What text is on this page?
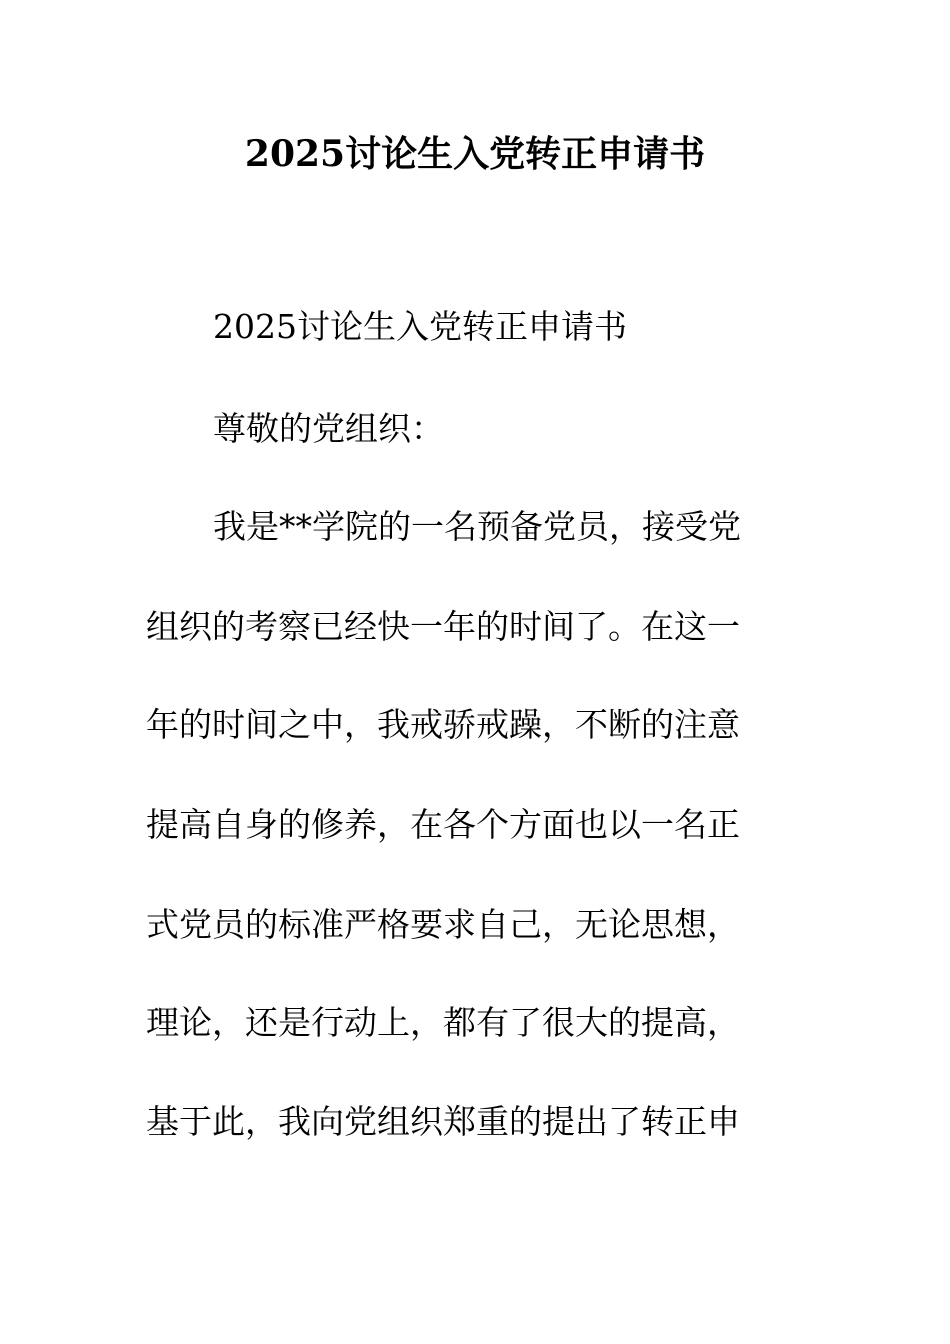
2025讨论生入党转正申请书

2025讨论生入党转正申请书

尊敬的党组织：

我是**学院的一名预备党员，接受党

组织的考察已经快一年的时间了。在这一

年的时间之中，我戒骄戒躁，不断的注意

提高自身的修养，在各个方面也以一名正

式党员的标准严格要求自己，无论思想，

理论，还是行动上，都有了很大的提高，

基于此，我向党组织郑重的提出了转正申
